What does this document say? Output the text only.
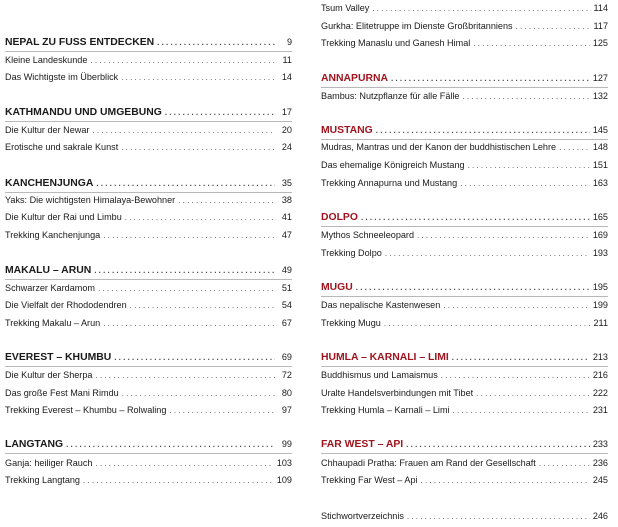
NEPAL ZU FUSS ENTDECKEN . . .	9
Kleine Landeskunde . . .	11
Das Wichtigste im Überblick . . .	14
KATHMANDU UND UMGEBUNG . . .	17
Die Kultur der Newar . . .	20
Erotische und sakrale Kunst . . .	24
KANCHENJUNGA . . .	35
Yaks: Die wichtigsten Himalaya-Bewohner . . .	38
Die Kultur der Rai und Limbu . . .	41
Trekking Kanchenjunga . . .	47
MAKALU – ARUN . . .	49
Schwarzer Kardamom . . .	51
Die Vielfalt der Rhododendren . . .	54
Trekking Makalu – Arun . . .	67
EVEREST – KHUMBU . . .	69
Die Kultur der Sherpa . . .	72
Das große Fest Mani Rimdu . . .	80
Trekking Everest – Khumbu – Rolwaling . . .	97
LANGTANG . . .	99
Ganja: heiliger Rauch . . .	103
Trekking Langtang . . .	109
Tsum Valley . . .	114
Gurkha: Elitetruppe im Dienste Großbritanniens . . .	117
Trekking Manaslu und Ganesh Himal . . .	125
ANNAPURNA . . .	127
Bambus: Nutzpflanze für alle Fälle . . .	132
MUSTANG . . .	145
Mudras, Mantras und der Kanon der buddhistischen Lehre . . .	148
Das ehemalige Königreich Mustang . . .	151
Trekking Annapurna und Mustang . . .	163
DOLPO . . .	165
Mythos Schneeleopard . . .	169
Trekking Dolpo . . .	193
MUGU . . .	195
Das nepalische Kastenwesen . . .	199
Trekking Mugu . . .	211
HUMLA – KARNALI – LIMI . . .	213
Buddhismus und Lamaismus . . .	216
Uralte Handelsverbindungen mit Tibet . . .	222
Trekking Humla – Karnali – Limi . . .	231
FAR WEST – API . . .	233
Chhaupadi Pratha: Frauen am Rand der Gesellschaft . . .	236
Trekking Far West – Api . . .	245
Stichwortverzeichnis . . .	246
